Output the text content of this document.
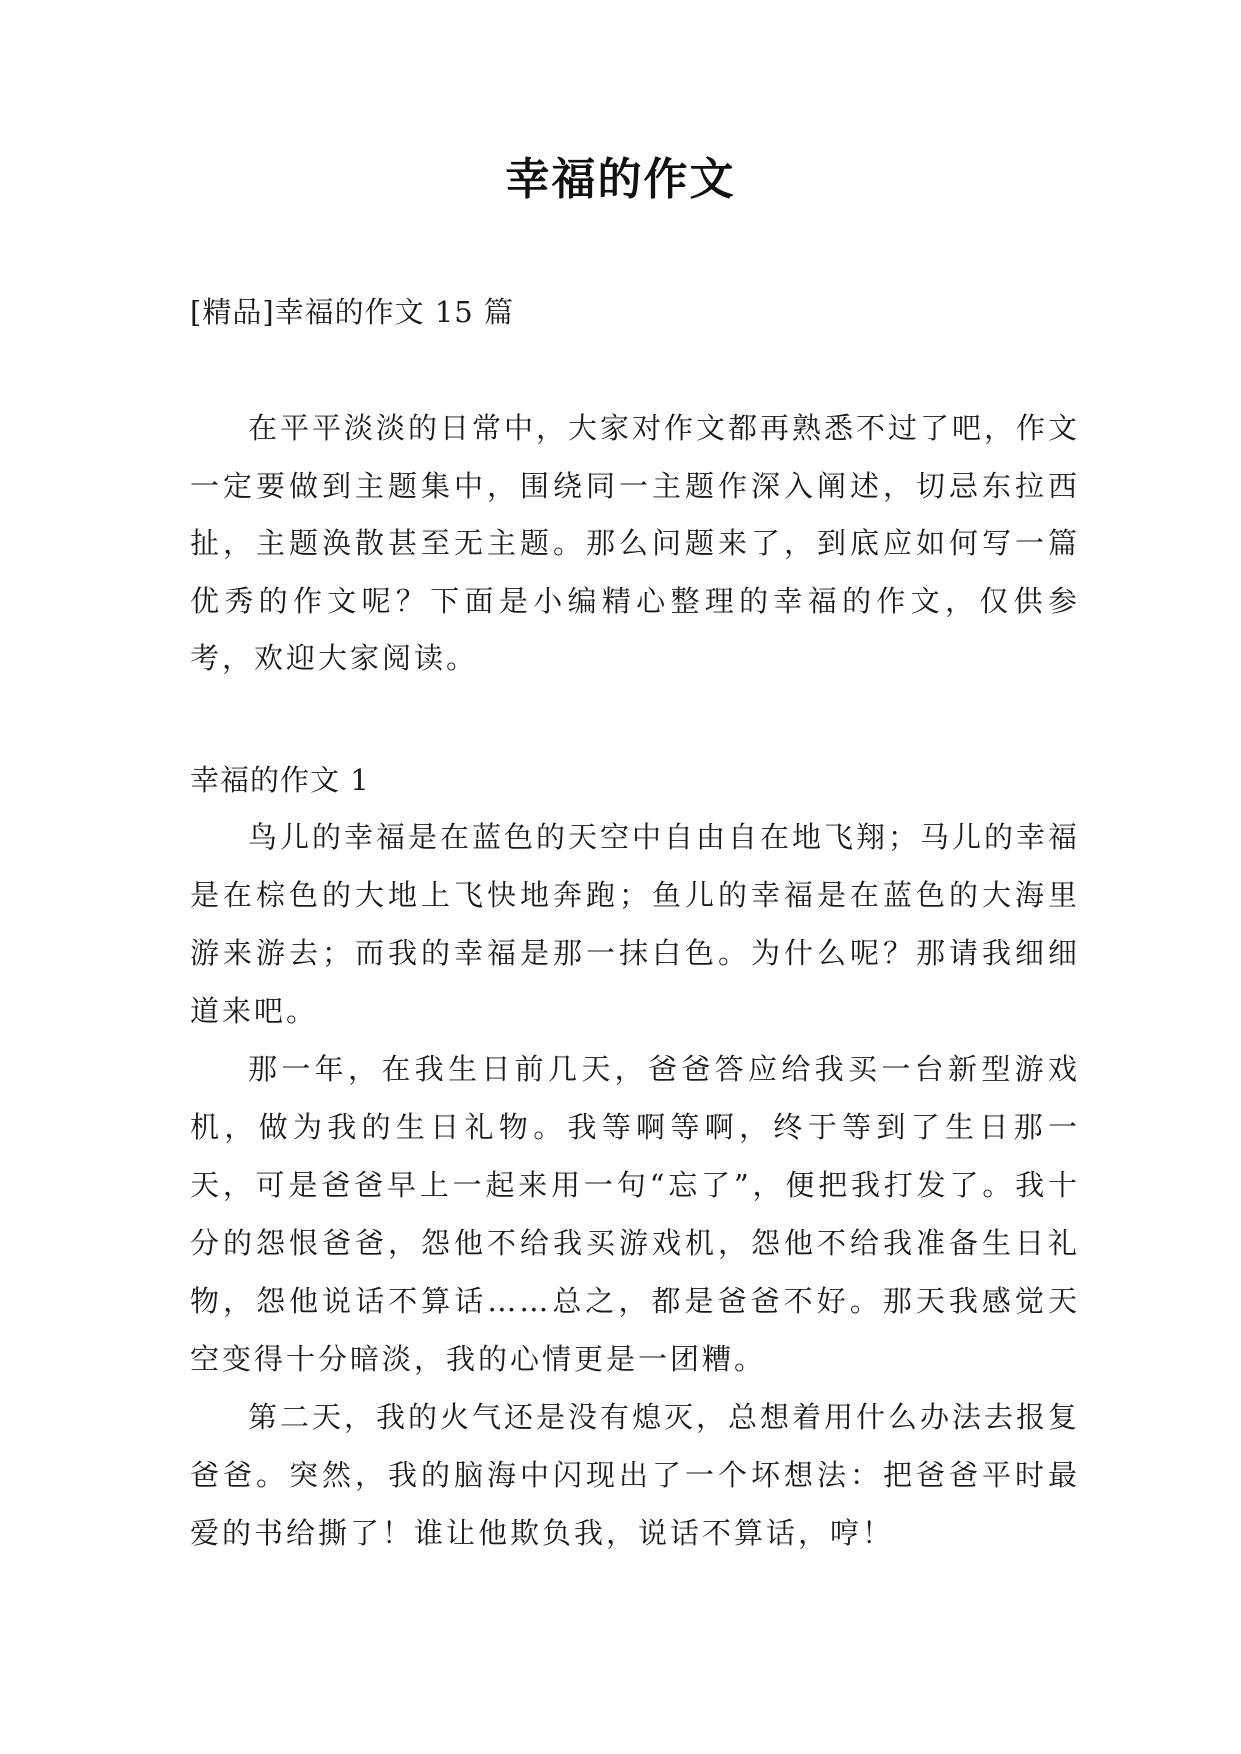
幸福的作文

[精品]幸福的作文 15 篇

在平平淡淡的日常中，大家对作文都再熟悉不过了吧，作文一定要做到主题集中，围绕同一主题作深入阐述，切忌东拉西扯，主题涣散甚至无主题。那么问题来了，到底应如何写一篇优秀的作文呢？下面是小编精心整理的幸福的作文，仅供参考，欢迎大家阅读。

幸福的作文 1

鸟儿的幸福是在蓝色的天空中自由自在地飞翔；马儿的幸福是在棕色的大地上飞快地奔跑；鱼儿的幸福是在蓝色的大海里游来游去；而我的幸福是那一抹白色。为什么呢？那请我细细道来吧。

那一年，在我生日前几天，爸爸答应给我买一台新型游戏机，做为我的生日礼物。我等啊等啊，终于等到了生日那一天，可是爸爸早上一起来用一句“忘了”，便把我打发了。我十分的怨恨爸爸，怨他不给我买游戏机，怨他不给我准备生日礼物，怨他说话不算话……总之，都是爸爸不好。那天我感觉天空变得十分暗淡，我的心情更是一团糟。

第二天，我的火气还是没有熄灭，总想着用什么办法去报复爸爸。突然，我的脑海中闪现出了一个坏想法：把爸爸平时最爱的书给撕了！谁让他欺负我，说话不算话，哼！
